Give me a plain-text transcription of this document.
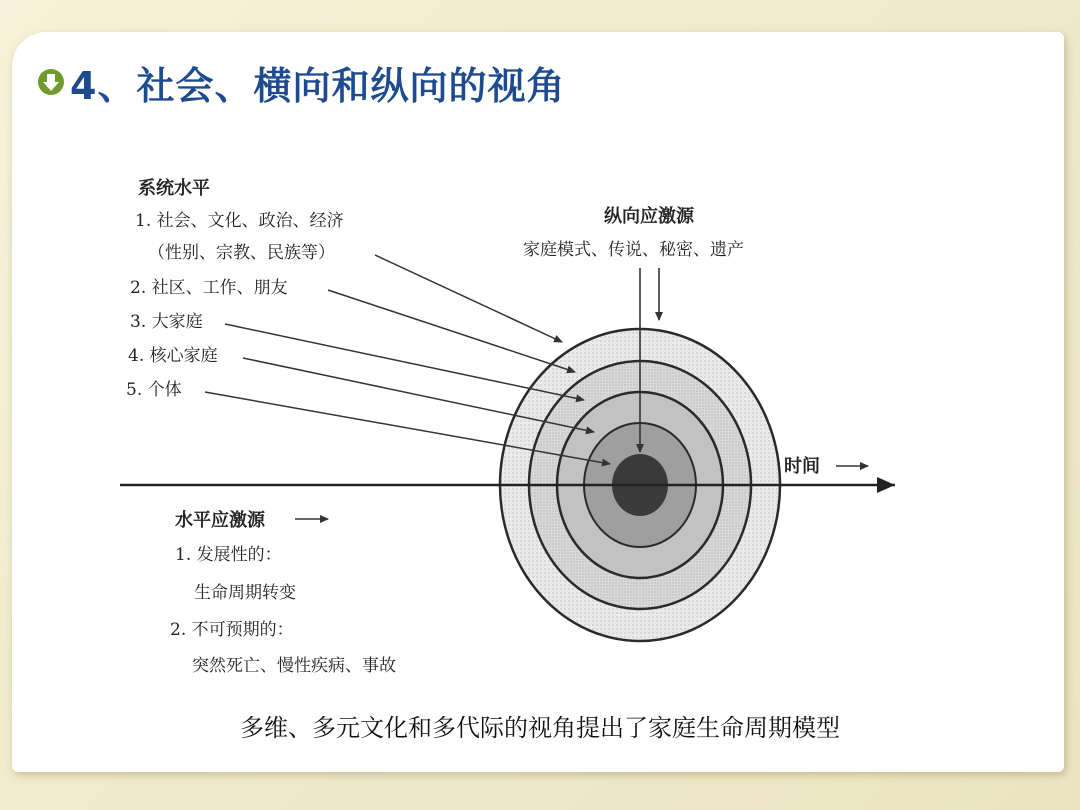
4、社会、横向和纵向的视角
系统水平
1. 社会、文化、政治、经济
（性别、宗教、民族等）
2. 社区、工作、朋友
3. 大家庭
4. 核心家庭
5. 个体
纵向应激源
家庭模式、传说、秘密、遗产
时间
水平应激源
1. 发展性的：
生命周期转变
2. 不可预期的：
突然死亡、慢性疾病、事故
多维、多元文化和多代际的视角提出了家庭生命周期模型
